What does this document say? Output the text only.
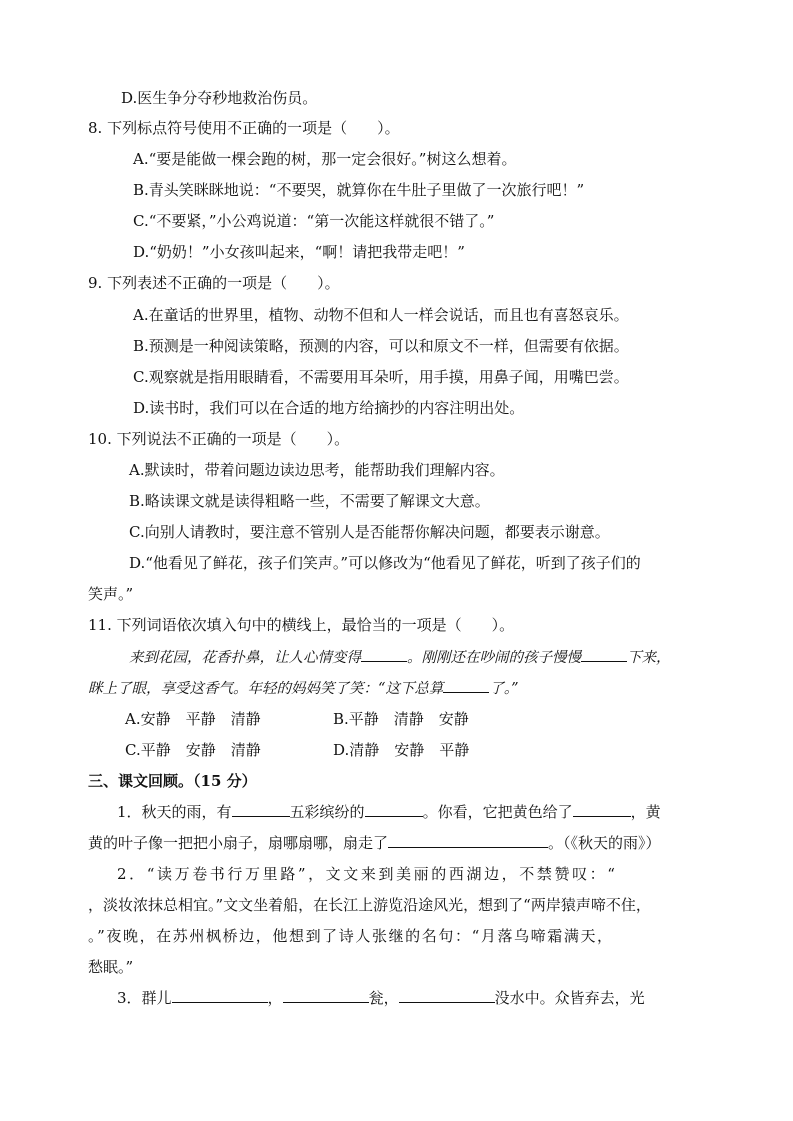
D.医生争分夺秒地救治伤员。
8. 下列标点符号使用不正确的一项是（　　）。
A.“要是能做一棵会跑的树，那一定会很好。”树这么想着。
B.青头笑眯眯地说：“不要哭，就算你在牛肚子里做了一次旅行吧！”
C.“不要紧，”小公鸡说道：“第一次能这样就很不错了。”
D.“奶奶！”小女孩叫起来，“啊！请把我带走吧！”
9. 下列表述不正确的一项是（　　）。
A.在童话的世界里，植物、动物不但和人一样会说话，而且也有喜怒哀乐。
B.预测是一种阅读策略，预测的内容，可以和原文不一样，但需要有依据。
C.观察就是指用眼睛看，不需要用耳朵听，用手摸，用鼻子闻，用嘴巴尝。
D.读书时，我们可以在合适的地方给摘抄的内容注明出处。
10. 下列说法不正确的一项是（　　）。
A.默读时，带着问题边读边思考，能帮助我们理解内容。
B.略读课文就是读得粗略一些，不需要了解课文大意。
C.向别人请教时，要注意不管别人是否能帮你解决问题，都要表示谢意。
D.“他看见了鲜花，孩子们笑声。”可以修改为“他看见了鲜花，听到了孩子们的
笑声。”
11. 下列词语依次填入句中的横线上，最恰当的一项是（　　）。
来到花园，花香扑鼻，让人心情变得	。刚刚还在吵闹的孩子慢慢	下来，
眯上了眼，享受这香气。年轻的妈妈笑了笑：“这下总算	了。”
A.安静　平静　清静	B.平静　清静　安静
C.平静　安静　清静	D.清静　安静　平静
三、课文回顾。（15 分）
1．秋天的雨，有	五彩缤纷的	。你看，它把黄色给了	，黄
黄的叶子像一把把小扇子，扇哪扇哪，扇走了	。（《秋天的雨》）
2．“读万卷书行万里路”，文文来到美丽的西湖边，不禁赞叹：“
，淡妆浓抹总相宜。”文文坐着船，在长江上游览沿途风光，想到了“两岸猿声啼不住，
。”夜晚，在苏州枫桥边，他想到了诗人张继的名句：“月落乌啼霜满天，
愁眠。”
3．群儿	，	瓮，	没水中。众皆弃去，光
